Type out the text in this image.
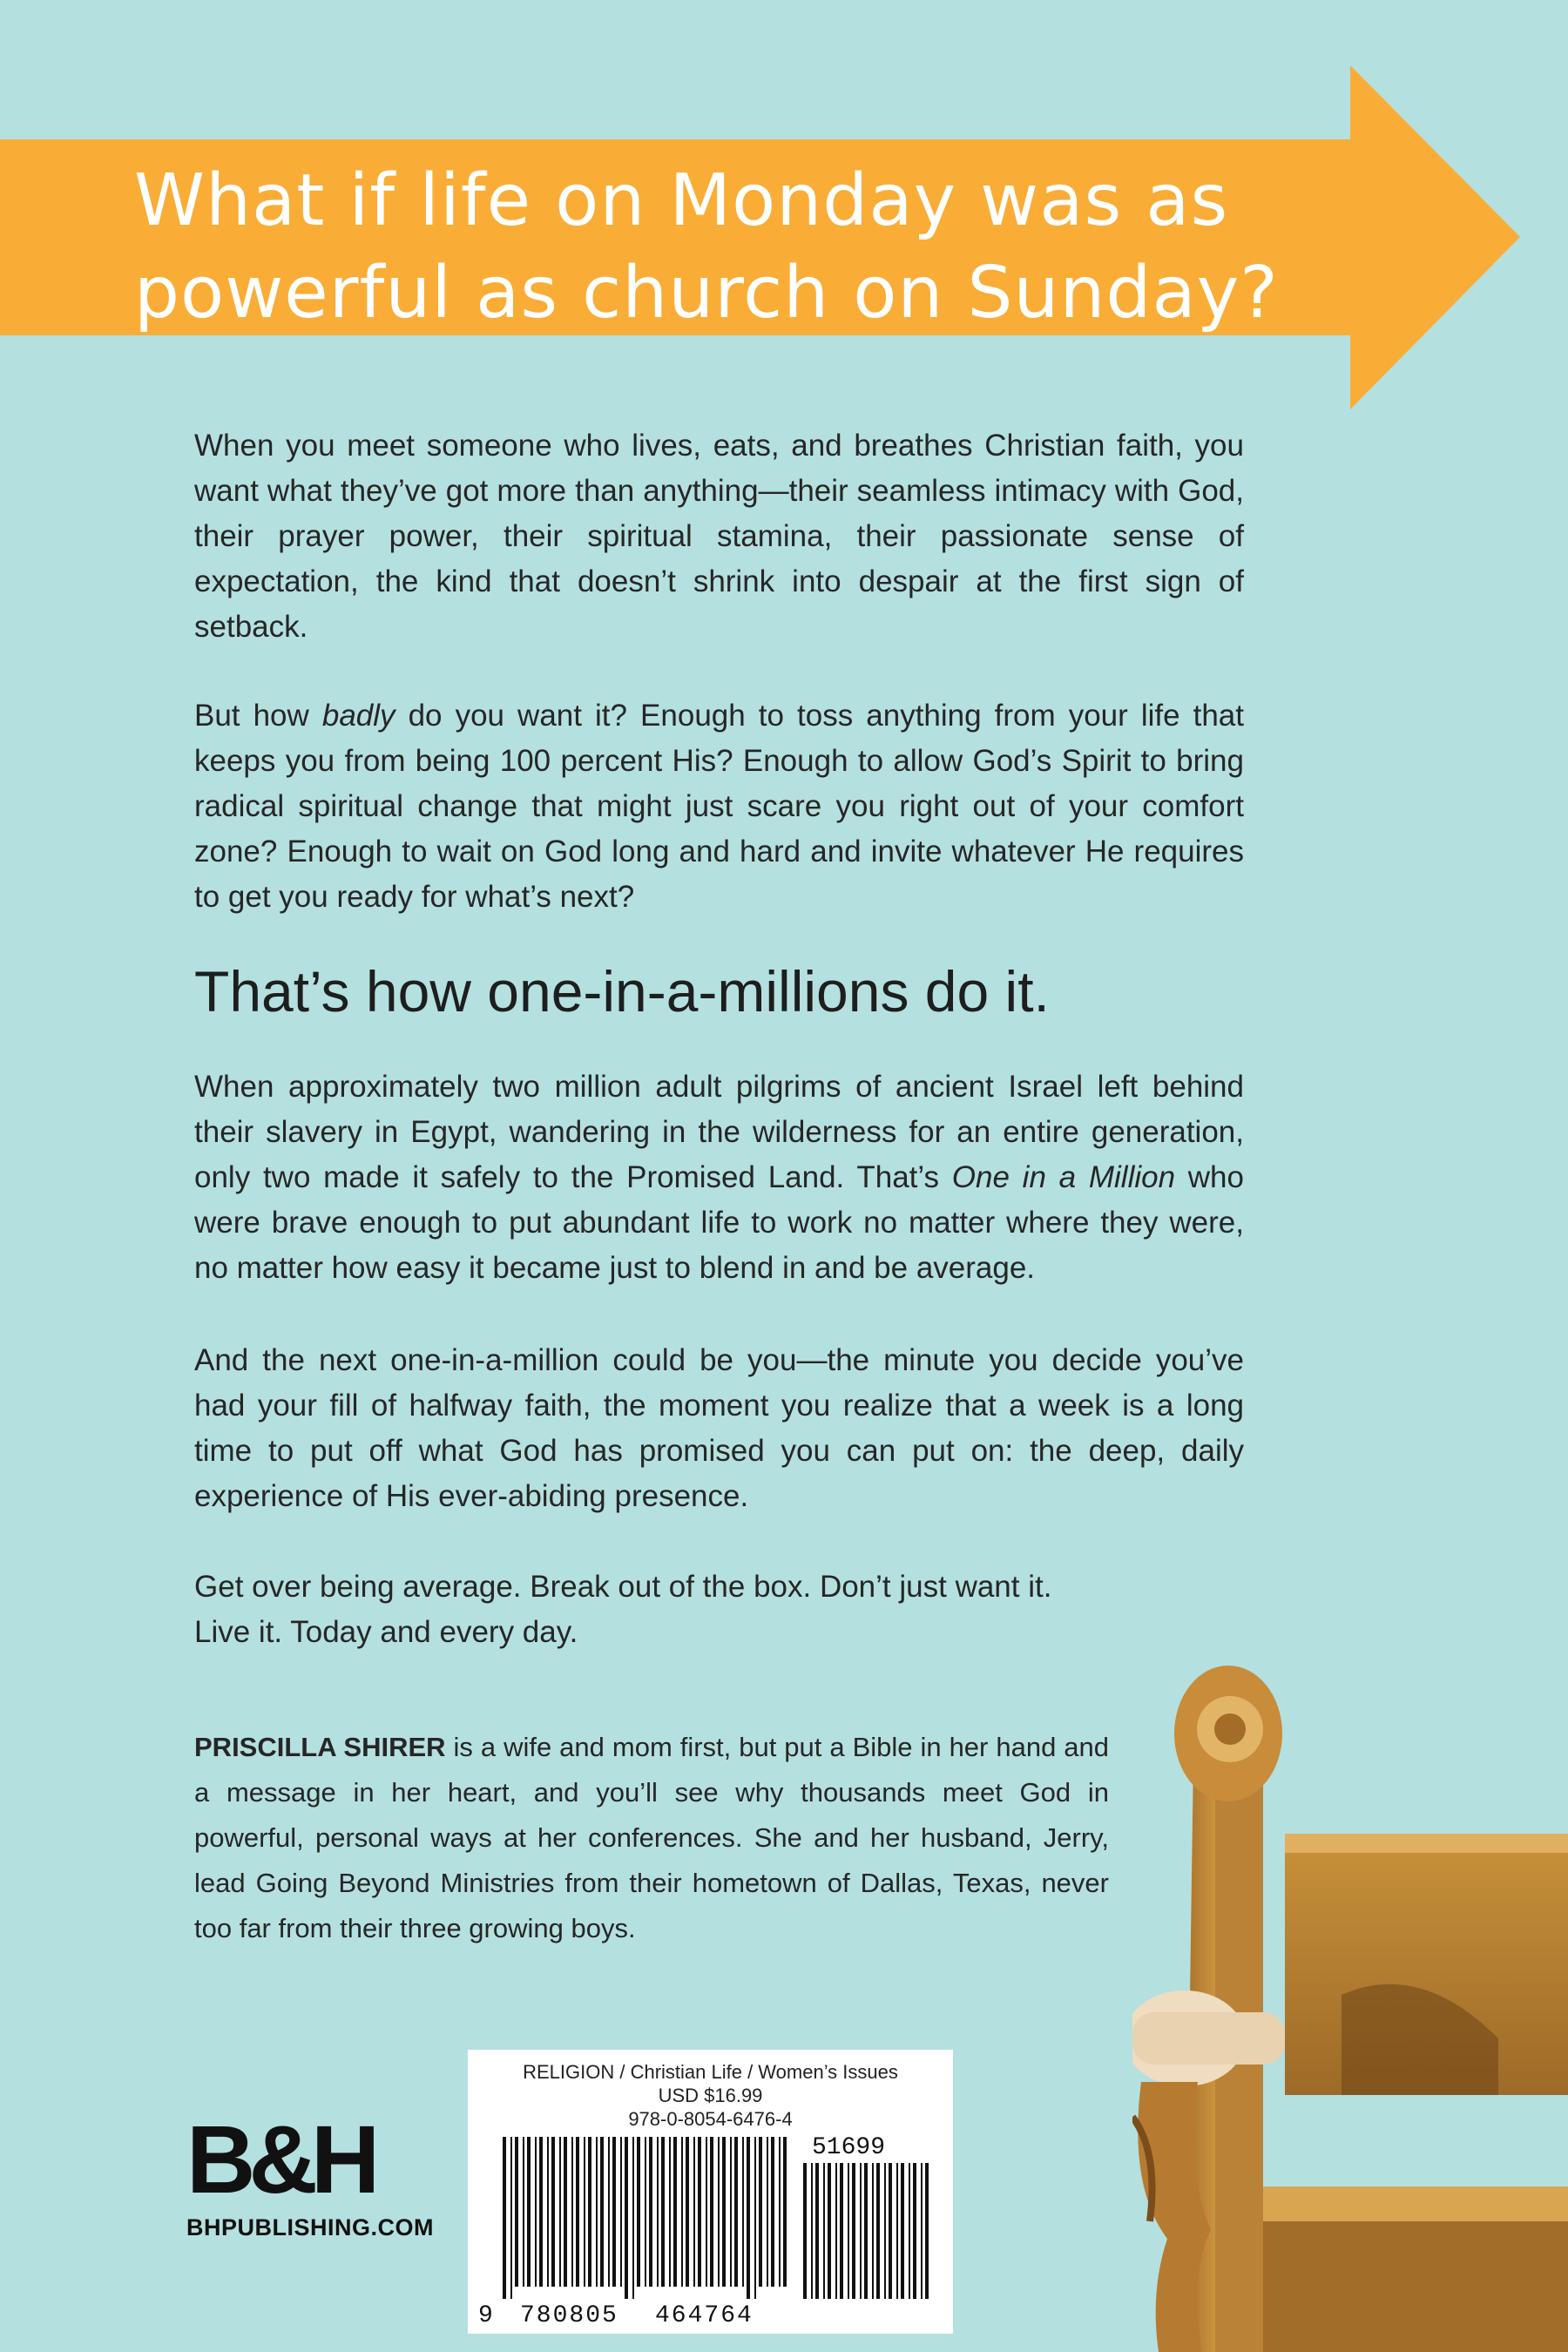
What if life on Monday was as powerful as church on Sunday?

When you meet someone who lives, eats, and breathes Christian faith, you want what they’ve got more than anything—their seamless intimacy with God, their prayer power, their spiritual stamina, their passionate sense of expectation, the kind that doesn’t shrink into despair at the first sign of setback.

But how badly do you want it? Enough to toss anything from your life that keeps you from being 100 percent His? Enough to allow God’s Spirit to bring radical spiritual change that might just scare you right out of your comfort zone? Enough to wait on God long and hard and invite whatever He requires to get you ready for what’s next?

That’s how one-in-a-millions do it.

When approximately two million adult pilgrims of ancient Israel left behind their slavery in Egypt, wandering in the wilderness for an entire generation, only two made it safely to the Promised Land. That’s One in a Million who were brave enough to put abundant life to work no matter where they were, no matter how easy it became just to blend in and be average.

And the next one-in-a-million could be you—the minute you decide you’ve had your fill of halfway faith, the moment you realize that a week is a long time to put off what God has promised you can put on: the deep, daily experience of His ever-abiding presence.

Get over being average. Break out of the box. Don’t just want it.
Live it. Today and every day.

PRISCILLA SHIRER is a wife and mom first, but put a Bible in her hand and a message in her heart, and you’ll see why thousands meet God in powerful, personal ways at her conferences. She and her husband, Jerry, lead Going Beyond Ministries from their hometown of Dallas, Texas, never too far from their three growing boys.

B&H
BHPUBLISHING.COM
RELIGION / Christian Life / Women’s Issues
USD $16.99
978-0-8054-6476-4
51699
9 780805 464764
